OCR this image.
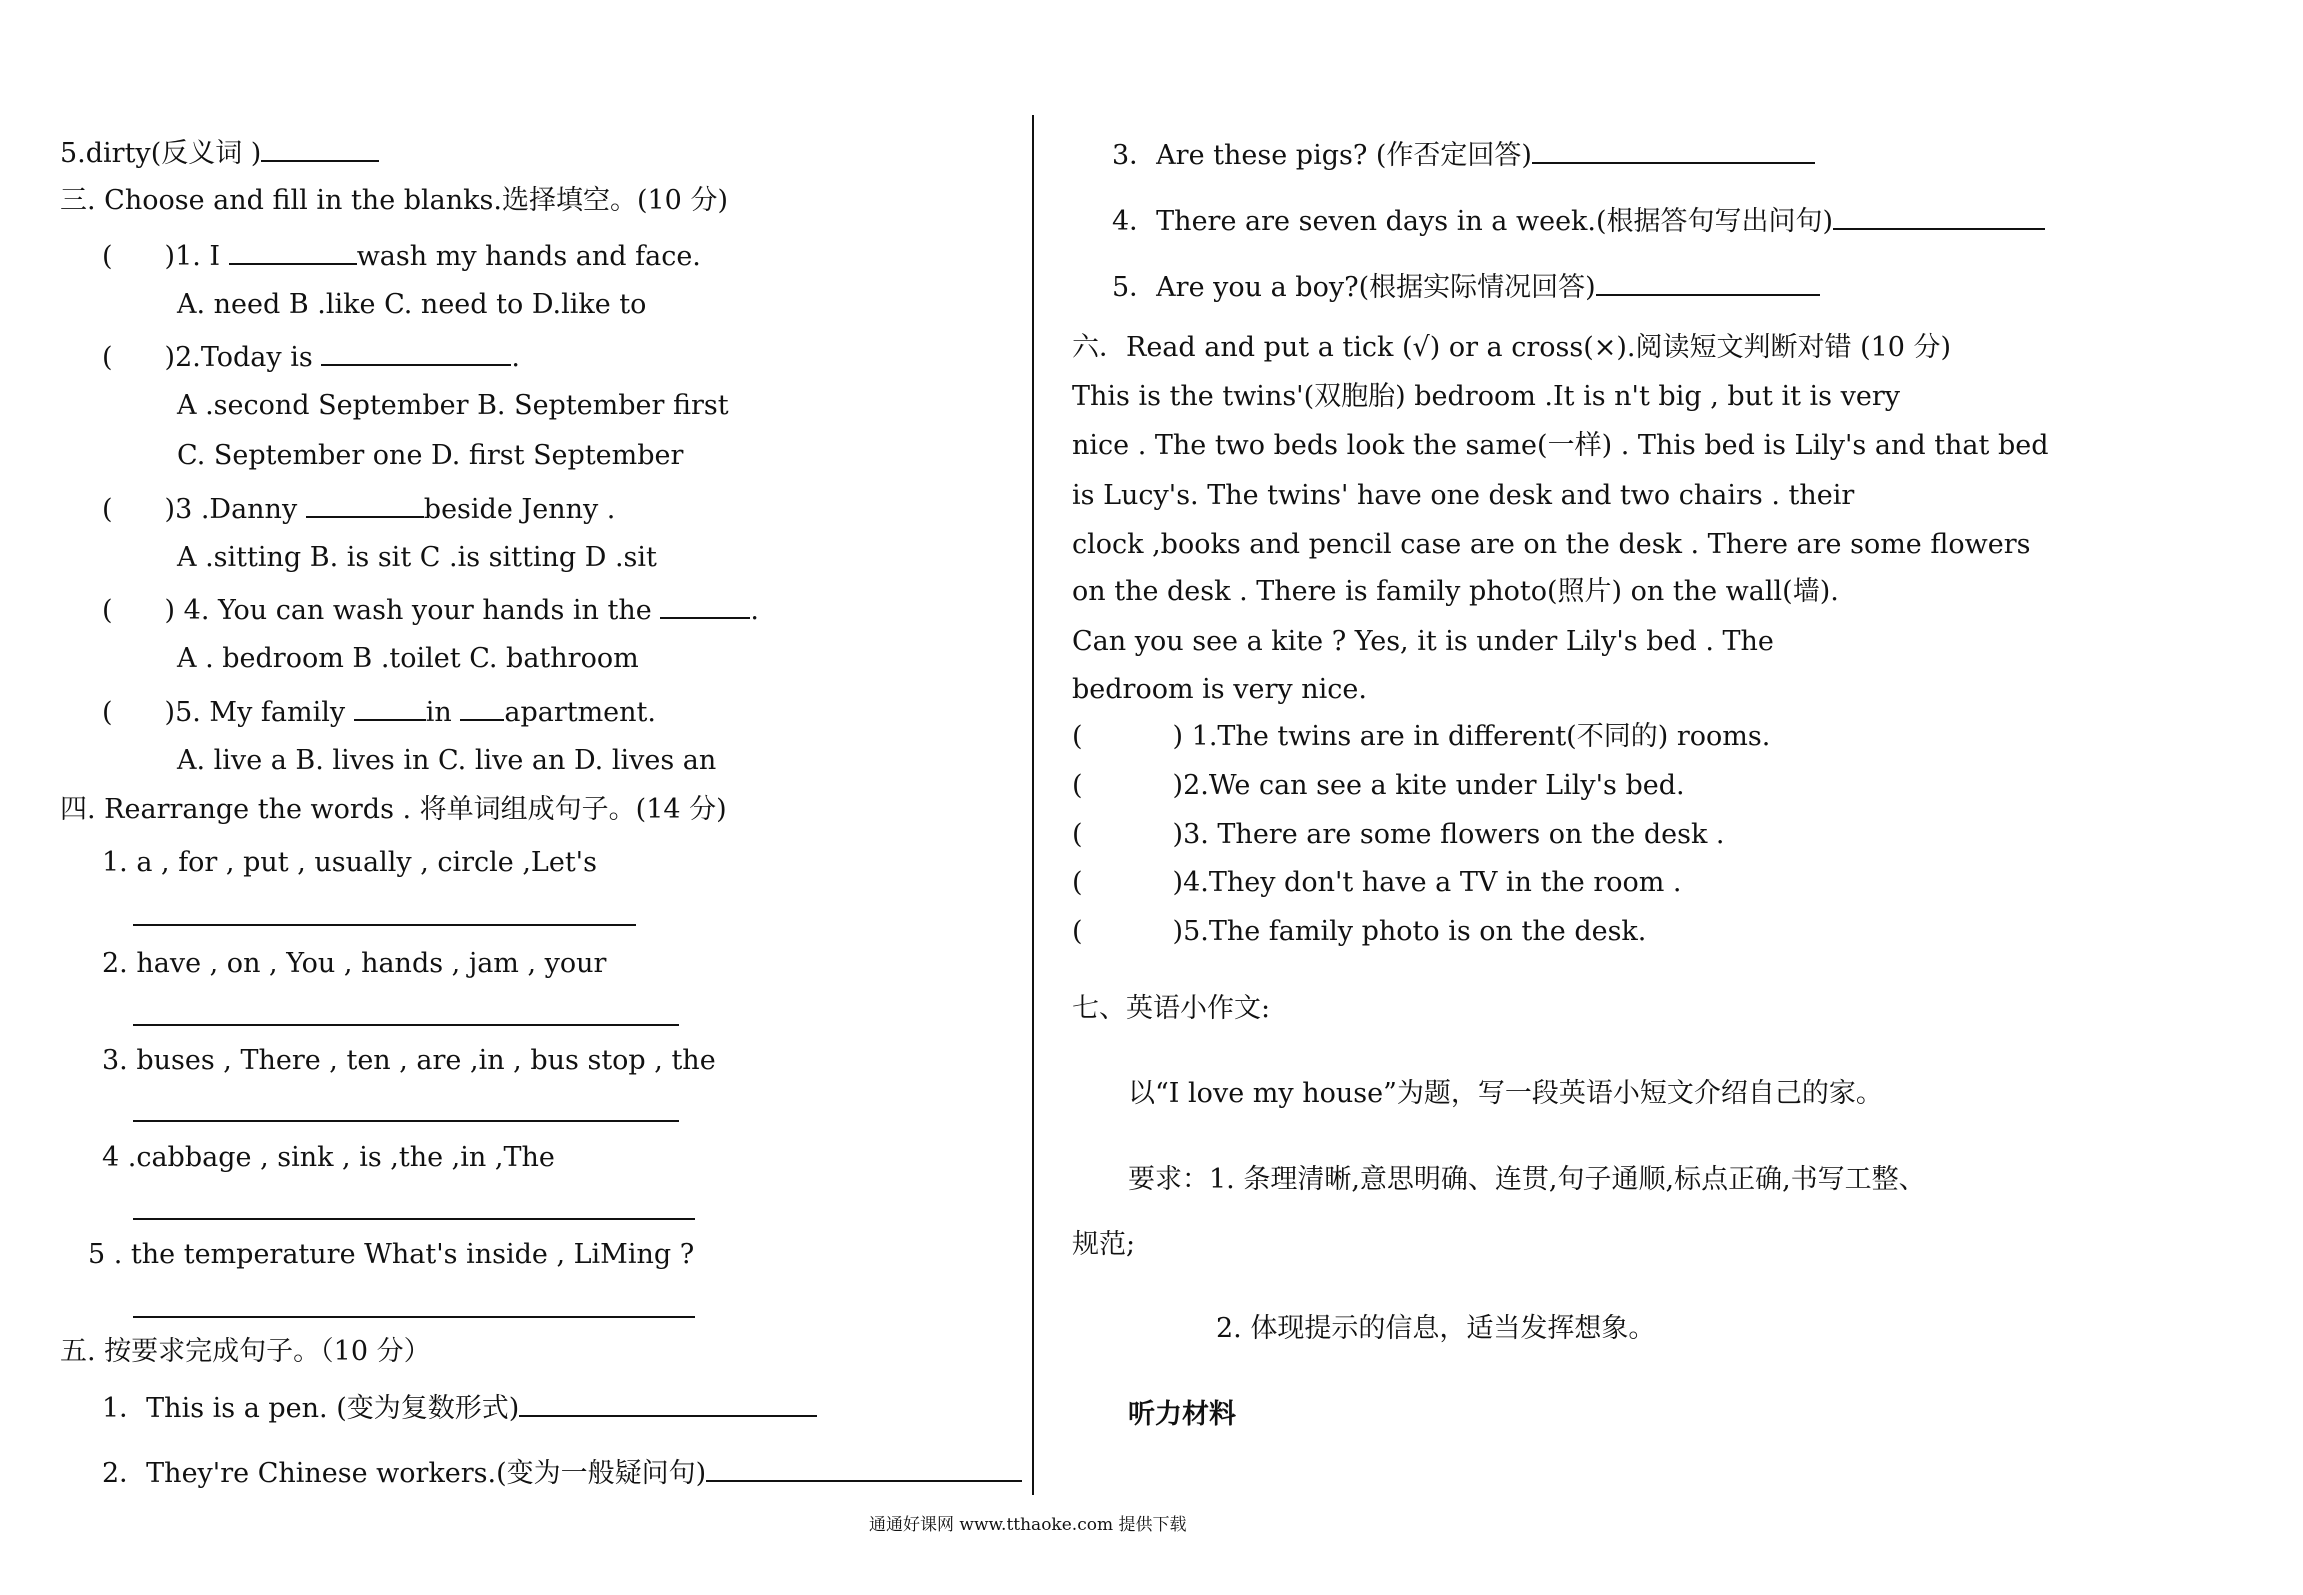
5.dirty(反义词 )
三. Choose and fill in the blanks.选择填空。(10 分)
( )1. I	wash my hands and face.
A. need B .like C. need to D.like to
( )2.Today is	.
A .second September B. September first
C. September one D. first September
( )3 .Danny	beside Jenny .
A .sitting B. is sit C .is sitting D .sit
( ) 4. You can wash your hands in the	.
A . bedroom B .toilet C. bathroom
( )5. My family	in apartment.
A. live a B. lives in C. live an D. lives an
四. Rearrange the words . 将单词组成句子。(14 分)
1. a , for , put , usually , circle ,Let's
2. have , on , You , hands , jam , your
3. buses , There , ten , are ,in , bus stop , the
4 .cabbage , sink , is ,the ,in ,The
5 . the temperature What's inside , LiMing ?
五. 按要求完成句子。（10 分）
1．This is a pen. (变为复数形式)
2．They're Chinese workers.(变为一般疑问句)
3．Are these pigs? (作否定回答)
4．There are seven days in a week.(根据答句写出问句)
5．Are you a boy?(根据实际情况回答)
六．Read and put a tick (√) or a cross(×).阅读短文判断对错 (10 分)
This is the twins'(双胞胎) bedroom .It is n't big , but it is very
nice . The two beds look the same(一样) . This bed is Lily's and that bed
is Lucy's. The twins' have one desk and two chairs . their
clock ,books and pencil case are on the desk . There are some flowers
on the desk . There is family photo(照片) on the wall(墙).
Can you see a kite ? Yes, it is under Lily's bed . The
bedroom is very nice.
(	) 1.The twins are in different(不同的) rooms.
(	)2.We can see a kite under Lily's bed.
(	)3. There are some flowers on the desk .
(	)4.They don't have a TV in the room .
(	)5.The family photo is on the desk.
七、英语小作文:
以“I love my house”为题，写一段英语小短文介绍自己的家。
要求：1. 条理清晰,意思明确、连贯,句子通顺,标点正确,书写工整、
规范;
2. 体现提示的信息，适当发挥想象。
听力材料
通通好课网 www.tthaoke.com 提供下载
